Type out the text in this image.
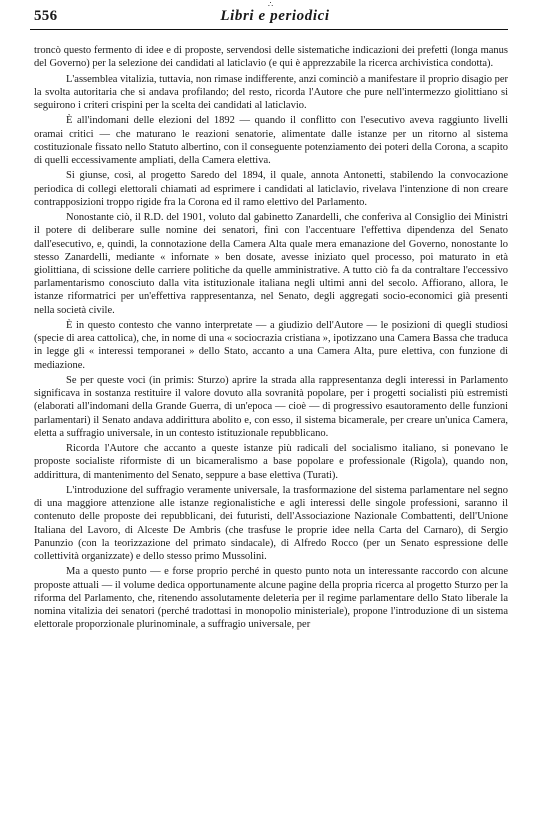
∴
556	Libri e periodici

troncò questo fermento di idee e di proposte, servendosi delle sistematiche indicazioni dei prefetti (longa manus del Governo) per la selezione dei candidati al laticlavio (e qui è apprezzabile la ricerca archivistica condotta).

L'assemblea vitalizia, tuttavia, non rimase indifferente, anzi cominciò a manifestare il proprio disagio per la svolta autoritaria che si andava profilando; del resto, ricorda l'Autore che pure nell'intermezzo giolittiano si seguirono i criteri crispini per la scelta dei candidati al laticlavio.

È all'indomani delle elezioni del 1892 — quando il conflitto con l'esecutivo aveva raggiunto livelli oramai critici — che maturano le reazioni senatorie, alimentate dalle istanze per un ritorno al sistema costituzionale fissato nello Statuto albertino, con il conseguente potenziamento dei poteri della Corona, a scapito di quelli eccessivamente ampliati, della Camera elettiva.

Si giunse, così, al progetto Saredo del 1894, il quale, annota Antonetti, stabilendo la convocazione periodica di collegi elettorali chiamati ad esprimere i candidati al laticlavio, rivelava l'intenzione di non creare contrapposizioni troppo rigide fra la Corona ed il ramo elettivo del Parlamento.

Nonostante ciò, il R.D. del 1901, voluto dal gabinetto Zanardelli, che conferiva al Consiglio dei Ministri il potere di deliberare sulle nomine dei senatori, finì con l'accentuare l'effettiva dipendenza del Senato dall'esecutivo, e, quindi, la connotazione della Camera Alta quale mera emanazione del Governo, nonostante lo stesso Zanardelli, mediante « infornate » ben dosate, avesse iniziato quel processo, poi maturato in età giolittiana, di scissione delle carriere politiche da quelle amministrative. A tutto ciò fa da contraltare l'eccessivo parlamentarismo conosciuto dalla vita istituzionale italiana negli ultimi anni del secolo. Affiorano, allora, le istanze riformatrici per un'effettiva rappresentanza, nel Senato, degli aggregati socio-economici già presenti nella società civile.

È in questo contesto che vanno interpretate — a giudizio dell'Autore — le posizioni di quegli studiosi (specie di area cattolica), che, in nome di una « sociocrazia cristiana », ipotizzano una Camera Bassa che traduca in legge gli « interessi temporanei » dello Stato, accanto a una Camera Alta, pure elettiva, con funzione di mediazione.

Se per queste voci (in primis: Sturzo) aprire la strada alla rappresentanza degli interessi in Parlamento significava in sostanza restituire il valore dovuto alla sovranità popolare, per i progetti socialisti più estremisti (elaborati all'indomani della Grande Guerra, di un'epoca — cioè — di progressivo esautoramento delle funzioni parlamentari) il Senato andava addirittura abolito e, con esso, il sistema bicamerale, per creare un'unica Camera, eletta a suffragio universale, in un contesto istituzionale repubblicano.

Ricorda l'Autore che accanto a queste istanze più radicali del socialismo italiano, si ponevano le proposte socialiste riformiste di un bicameralismo a base popolare e professionale (Rigola), quando non, addirittura, di mantenimento del Senato, seppure a base elettiva (Turati).

L'introduzione del suffragio veramente universale, la trasformazione del sistema parlamentare nel segno di una maggiore attenzione alle istanze regionalistiche e agli interessi delle singole professioni, saranno il contenuto delle proposte dei repubblicani, dei futuristi, dell'Associazione Nazionale Combattenti, dell'Unione Italiana del Lavoro, di Alceste De Ambris (che trasfuse le proprie idee nella Carta del Carnaro), di Sergio Panunzio (con la teorizzazione del primato sindacale), di Alfredo Rocco (per un Senato espressione delle collettività organizzate) e dello stesso primo Mussolini.

Ma a questo punto — e forse proprio perché in questo punto nota un interessante raccordo con alcune proposte attuali — il volume dedica opportunamente alcune pagine della propria ricerca al progetto Sturzo per la riforma del Parlamento, che, ritenendo assolutamente deleteria per il regime parlamentare dello Stato liberale la nomina vitalizia dei senatori (perché tradottasi in monopolio ministeriale), propone l'introduzione di un sistema elettorale proporzionale plurinominale, a suffragio universale, per
